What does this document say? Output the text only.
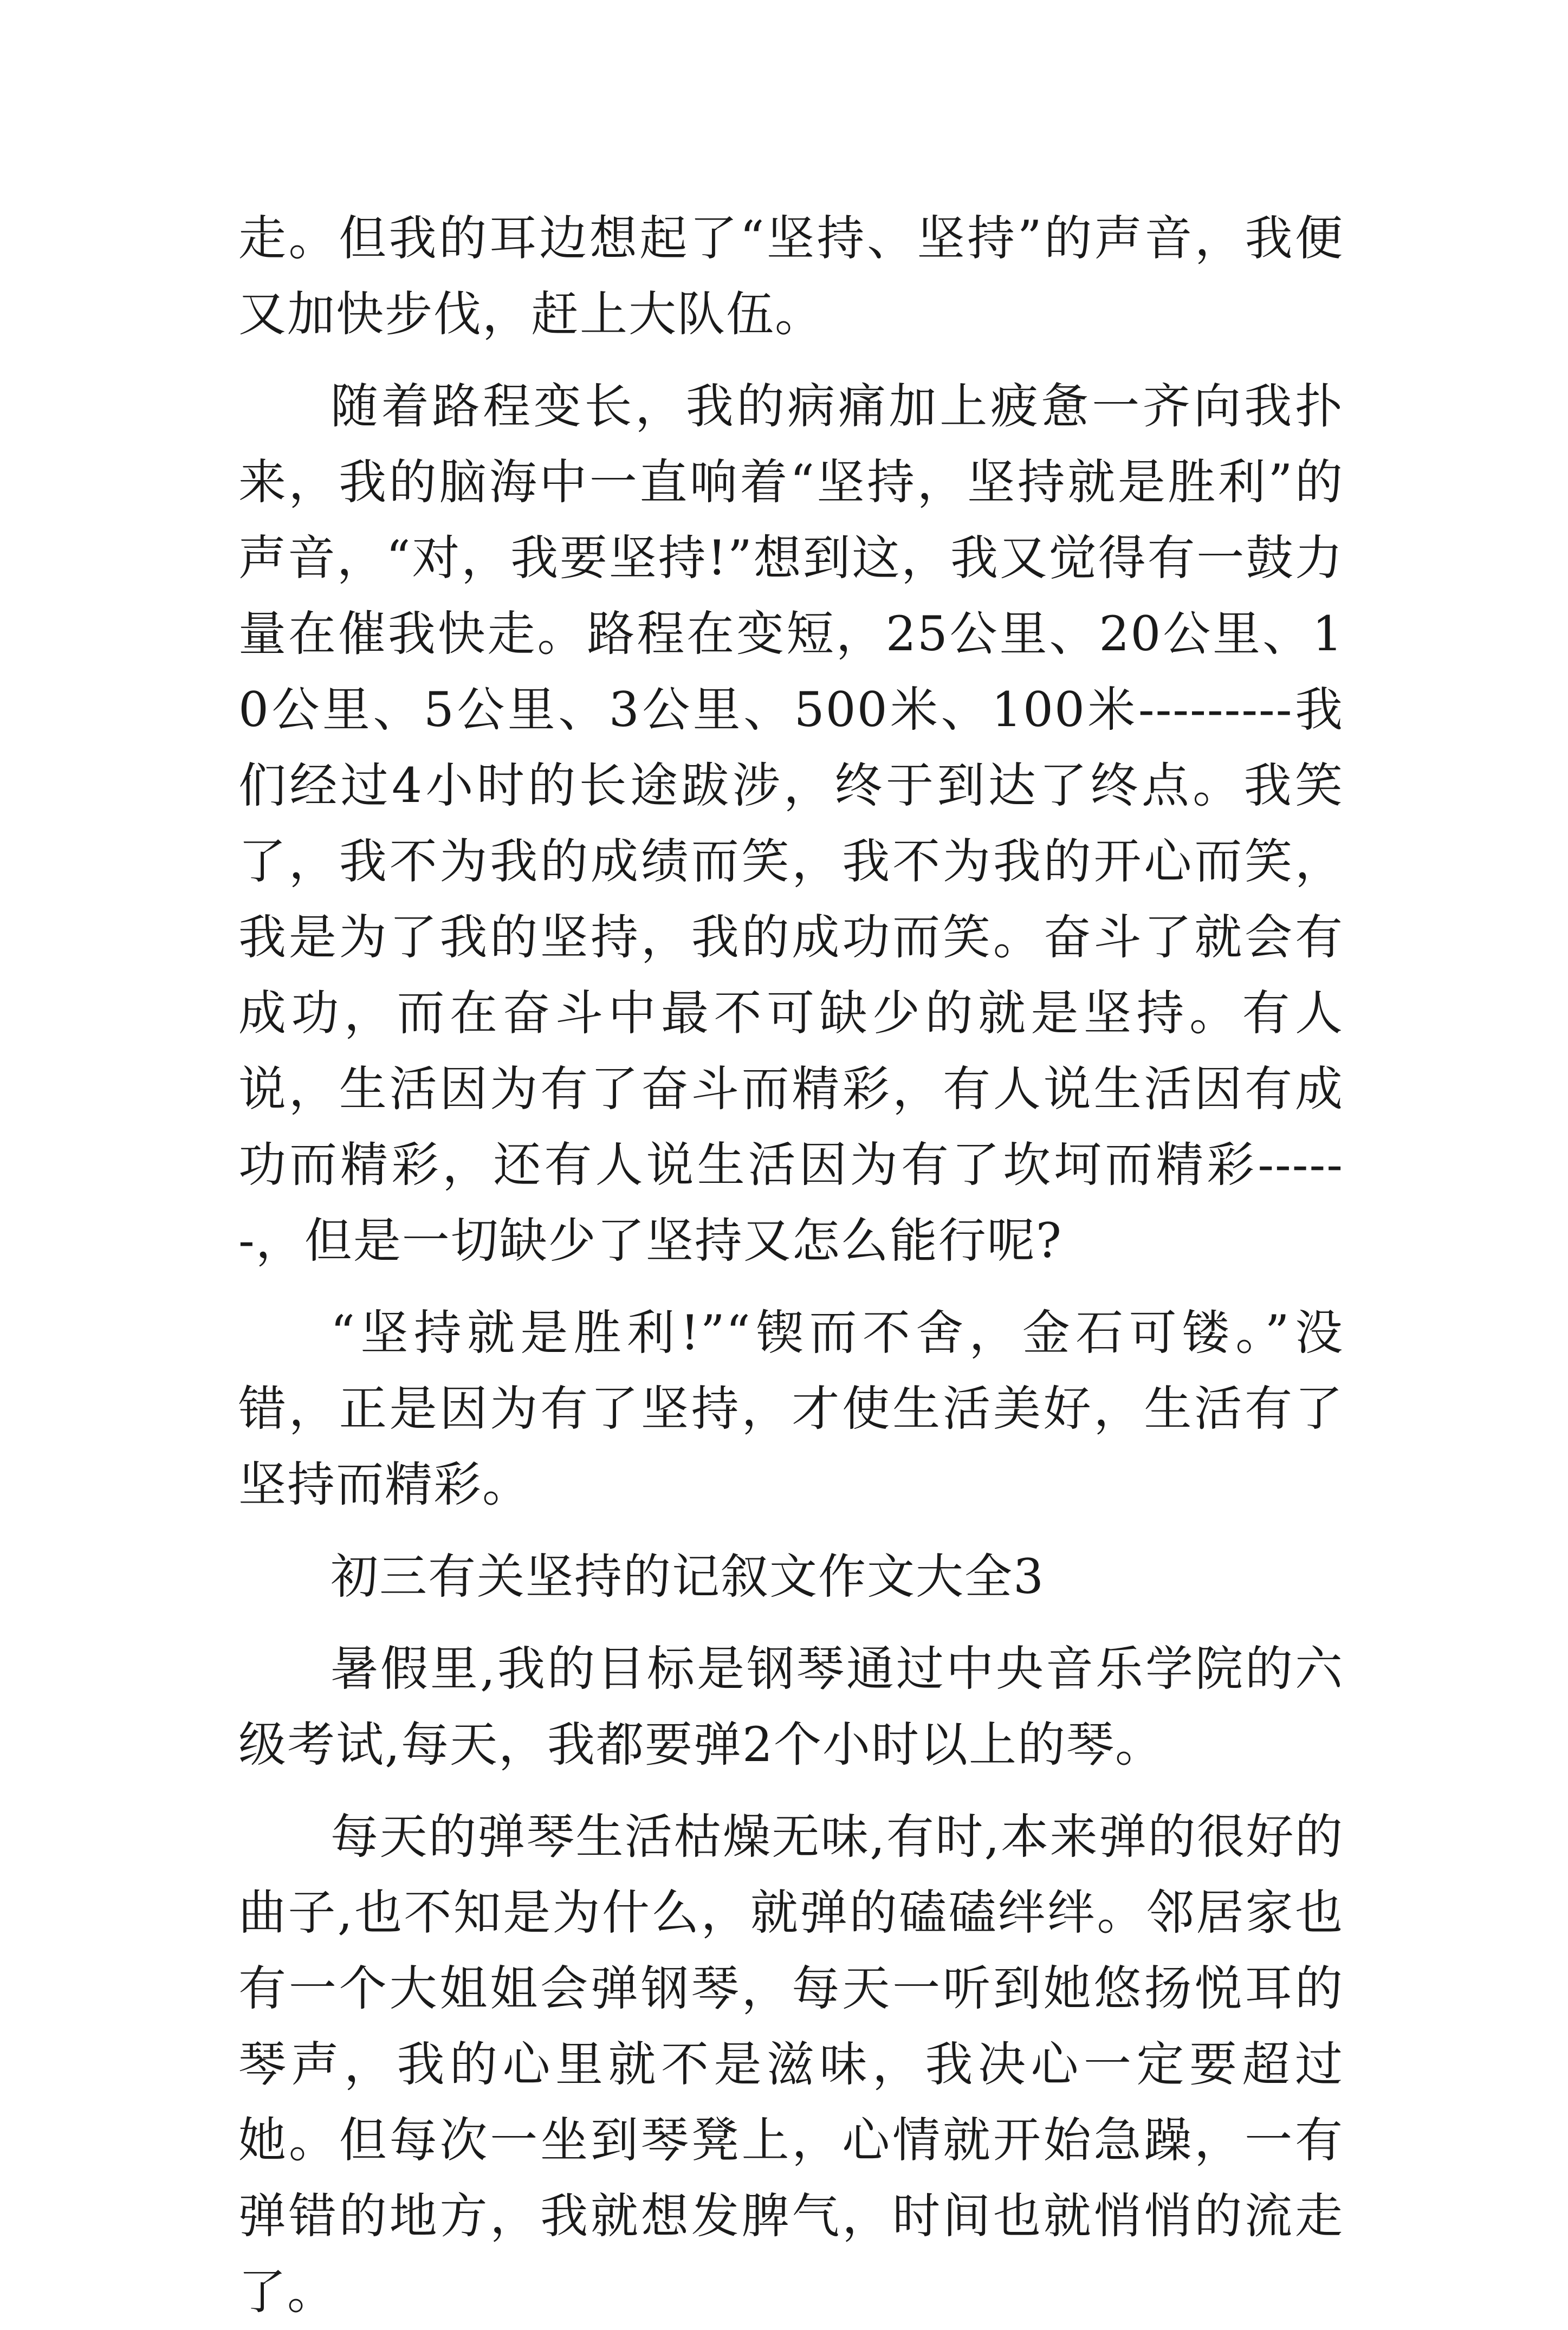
走。但我的耳边想起了“坚持、坚持”的声音，我便又加快步伐，赶上大队伍。

随着路程变长，我的病痛加上疲惫一齐向我扑来，我的脑海中一直响着“坚持，坚持就是胜利”的声音，“对，我要坚持!”想到这，我又觉得有一鼓力量在催我快走。路程在变短，25公里、20公里、10公里、5公里、3公里、500米、100米---------我们经过4小时的长途跋涉，终于到达了终点。我笑了，我不为我的成绩而笑，我不为我的开心而笑，我是为了我的坚持，我的成功而笑。奋斗了就会有成功，而在奋斗中最不可缺少的就是坚持。有人说，生活因为有了奋斗而精彩，有人说生活因有成功而精彩，还有人说生活因为有了坎坷而精彩------，但是一切缺少了坚持又怎么能行呢?

“坚持就是胜利!”“锲而不舍，金石可镂。”没错，正是因为有了坚持，才使生活美好，生活有了坚持而精彩。

初三有关坚持的记叙文作文大全3

暑假里,我的目标是钢琴通过中央音乐学院的六级考试,每天，我都要弹2个小时以上的琴。

每天的弹琴生活枯燥无味,有时,本来弹的很好的曲子,也不知是为什么，就弹的磕磕绊绊。邻居家也有一个大姐姐会弹钢琴，每天一听到她悠扬悦耳的琴声，我的心里就不是滋味，我决心一定要超过她。但每次一坐到琴凳上，心情就开始急躁，一有弹错的地方，我就想发脾气，时间也就悄悄的流走了。
